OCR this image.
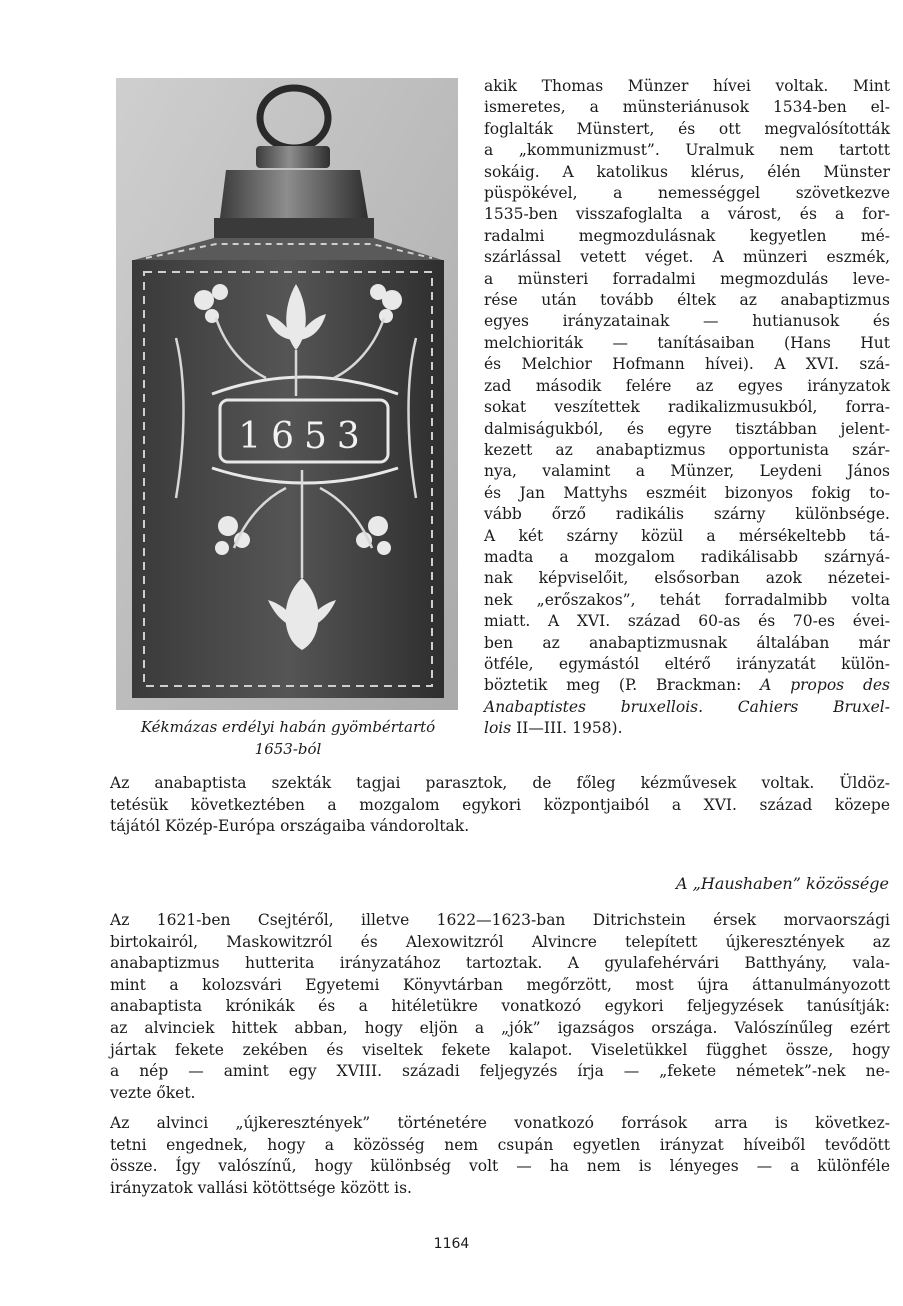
1653
Kékmázas erdélyi habán gyömbértartó
1653-ból
akik Thomas Münzer hívei voltak. Mint
ismeretes, a münsteriánusok 1534-ben el-
foglalták Münstert, és ott megvalósították
a „kommunizmust”. Uralmuk nem tartott
sokáig. A katolikus klérus, élén Münster
püspökével, a nemességgel szövetkezve
1535-ben visszafoglalta a várost, és a for-
radalmi megmozdulásnak kegyetlen mé-
szárlással vetett véget. A münzeri eszmék,
a münsteri forradalmi megmozdulás leve-
rése után tovább éltek az anabaptizmus
egyes irányzatainak — hutianusok és
melchioriták — tanításaiban (Hans Hut
és Melchior Hofmann hívei). A XVI. szá-
zad második felére az egyes irányzatok
sokat veszítettek radikalizmusukból, forra-
dalmiságukból, és egyre tisztábban jelent-
kezett az anabaptizmus opportunista szár-
nya, valamint a Münzer, Leydeni János
és Jan Mattyhs eszméit bizonyos fokig to-
vább őrző radikális szárny különbsége.
A két szárny közül a mérsékeltebb tá-
madta a mozgalom radikálisabb szárnyá-
nak képviselőit, elsősorban azok nézetei-
nek „erőszakos”, tehát forradalmibb volta
miatt. A XVI. század 60-as és 70-es évei-
ben az anabaptizmusnak általában már
ötféle, egymástól eltérő irányzatát külön-
böztetik meg (P. Brackman: A propos des
Anabaptistes bruxellois. Cahiers Bruxel-
lois II—III. 1958).
Az anabaptista szekták tagjai parasztok, de főleg kézművesek voltak. Üldöz-
tetésük következtében a mozgalom egykori központjaiból a XVI. század közepe
tájától Közép-Európa országaiba vándoroltak.
A „Haushaben” közössége
Az 1621-ben Csejtéről, illetve 1622—1623-ban Ditrichstein érsek morvaországi
birtokairól, Maskowitzról és Alexowitzról Alvincre telepített újkeresztények az
anabaptizmus hutterita irányzatához tartoztak. A gyulafehérvári Batthyány, vala-
mint a kolozsvári Egyetemi Könyvtárban megőrzött, most újra áttanulmányozott
anabaptista krónikák és a hitéletükre vonatkozó egykori feljegyzések tanúsítják:
az alvinciek hittek abban, hogy eljön a „jók” igazságos országa. Valószínűleg ezért
jártak fekete zekében és viseltek fekete kalapot. Viseletükkel függhet össze, hogy
a nép — amint egy XVIII. századi feljegyzés írja — „fekete németek”-nek ne-
vezte őket.
Az alvinci „újkeresztények” történetére vonatkozó források arra is következ-
tetni engednek, hogy a közösség nem csupán egyetlen irányzat híveiből tevődött
össze. Így valószínű, hogy különbség volt — ha nem is lényeges — a különféle
irányzatok vallási kötöttsége között is.
1164
